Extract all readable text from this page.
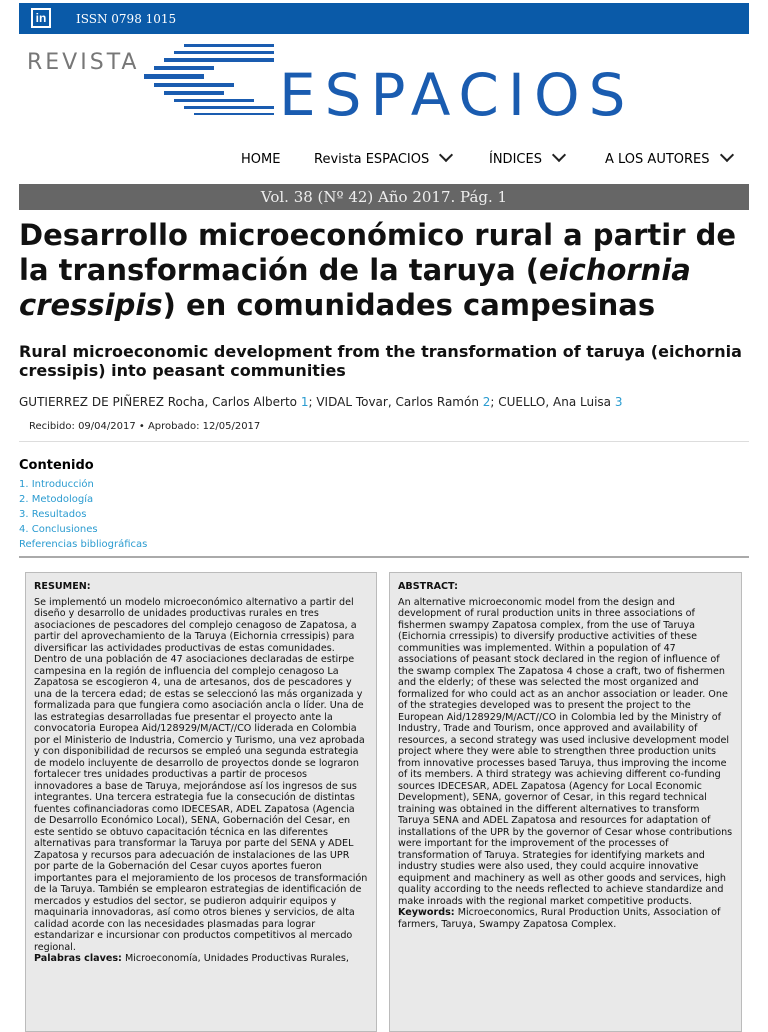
in	ISSN 0798 1015
REVISTA ESPACIOS
HOME	Revista ESPACIOS	ÍNDICES	A LOS AUTORES
Vol. 38 (Nº 42) Año 2017. Pág. 1
Desarrollo microeconómico rural a partir de la transformación de la taruya (eichornia cressipis) en comunidades campesinas
Rural microeconomic development from the transformation of taruya (eichornia cressipis) into peasant communities
GUTIERREZ DE PIÑEREZ Rocha, Carlos Alberto 1; VIDAL Tovar, Carlos Ramón 2; CUELLO, Ana Luisa 3
Recibido: 09/04/2017 • Aprobado: 12/05/2017
Contenido
1. Introducción
2. Metodología
3. Resultados
4. Conclusiones
Referencias bibliográficas
RESUMEN:
Se implementó un modelo microeconómico alternativo a partir del diseño y desarrollo de unidades productivas rurales en tres asociaciones de pescadores del complejo cenagoso de Zapatosa, a partir del aprovechamiento de la Taruya (Eichornia crressipis) para diversificar las actividades productivas de estas comunidades. Dentro de una población de 47 asociaciones declaradas de estirpe campesina en la región de influencia del complejo cenagoso La Zapatosa se escogieron 4, una de artesanos, dos de pescadores y una de la tercera edad; de estas se seleccionó las más organizada y formalizada para que fungiera como asociación ancla o líder. Una de las estrategias desarrolladas fue presentar el proyecto ante la convocatoria Europea Aid/128929/M/ACT//CO liderada en Colombia por el Ministerio de Industria, Comercio y Turismo, una vez aprobada y con disponibilidad de recursos se empleó una segunda estrategia de modelo incluyente de desarrollo de proyectos donde se lograron fortalecer tres unidades productivas a partir de procesos innovadores a base de Taruya, mejorándose así los ingresos de sus integrantes. Una tercera estrategia fue la consecución de distintas fuentes cofinanciadoras como IDECESAR, ADEL Zapatosa (Agencia de Desarrollo Económico Local), SENA, Gobernación del Cesar, en este sentido se obtuvo capacitación técnica en las diferentes alternativas para transformar la Taruya por parte del SENA y ADEL Zapatosa y recursos para adecuación de instalaciones de las UPR por parte de la Gobernación del Cesar cuyos aportes fueron importantes para el mejoramiento de los procesos de transformación de la Taruya. También se emplearon estrategias de identificación de mercados y estudios del sector, se pudieron adquirir equipos y maquinaria innovadoras, así como otros bienes y servicios, de alta calidad acorde con las necesidades plasmadas para lograr estandarizar e incursionar con productos competitivos al mercado regional.
Palabras claves: Microeconomía, Unidades Productivas Rurales,
ABSTRACT:
An alternative microeconomic model from the design and development of rural production units in three associations of fishermen swampy Zapatosa complex, from the use of Taruya (Eichornia crressipis) to diversify productive activities of these communities was implemented. Within a population of 47 associations of peasant stock declared in the region of influence of the swamp complex The Zapatosa 4 chose a craft, two of fishermen and the elderly; of these was selected the most organized and formalized for who could act as an anchor association or leader. One of the strategies developed was to present the project to the European Aid/128929/M/ACT//CO in Colombia led by the Ministry of Industry, Trade and Tourism, once approved and availability of resources, a second strategy was used inclusive development model project where they were able to strengthen three production units from innovative processes based Taruya, thus improving the income of its members. A third strategy was achieving different co-funding sources IDECESAR, ADEL Zapatosa (Agency for Local Economic Development), SENA, governor of Cesar, in this regard technical training was obtained in the different alternatives to transform Taruya SENA and ADEL Zapatosa and resources for adaptation of installations of the UPR by the governor of Cesar whose contributions were important for the improvement of the processes of transformation of Taruya. Strategies for identifying markets and industry studies were also used, they could acquire innovative equipment and machinery as well as other goods and services, high quality according to the needs reflected to achieve standardize and make inroads with the regional market competitive products.
Keywords: Microeconomics, Rural Production Units, Association of farmers, Taruya, Swampy Zapatosa Complex.
